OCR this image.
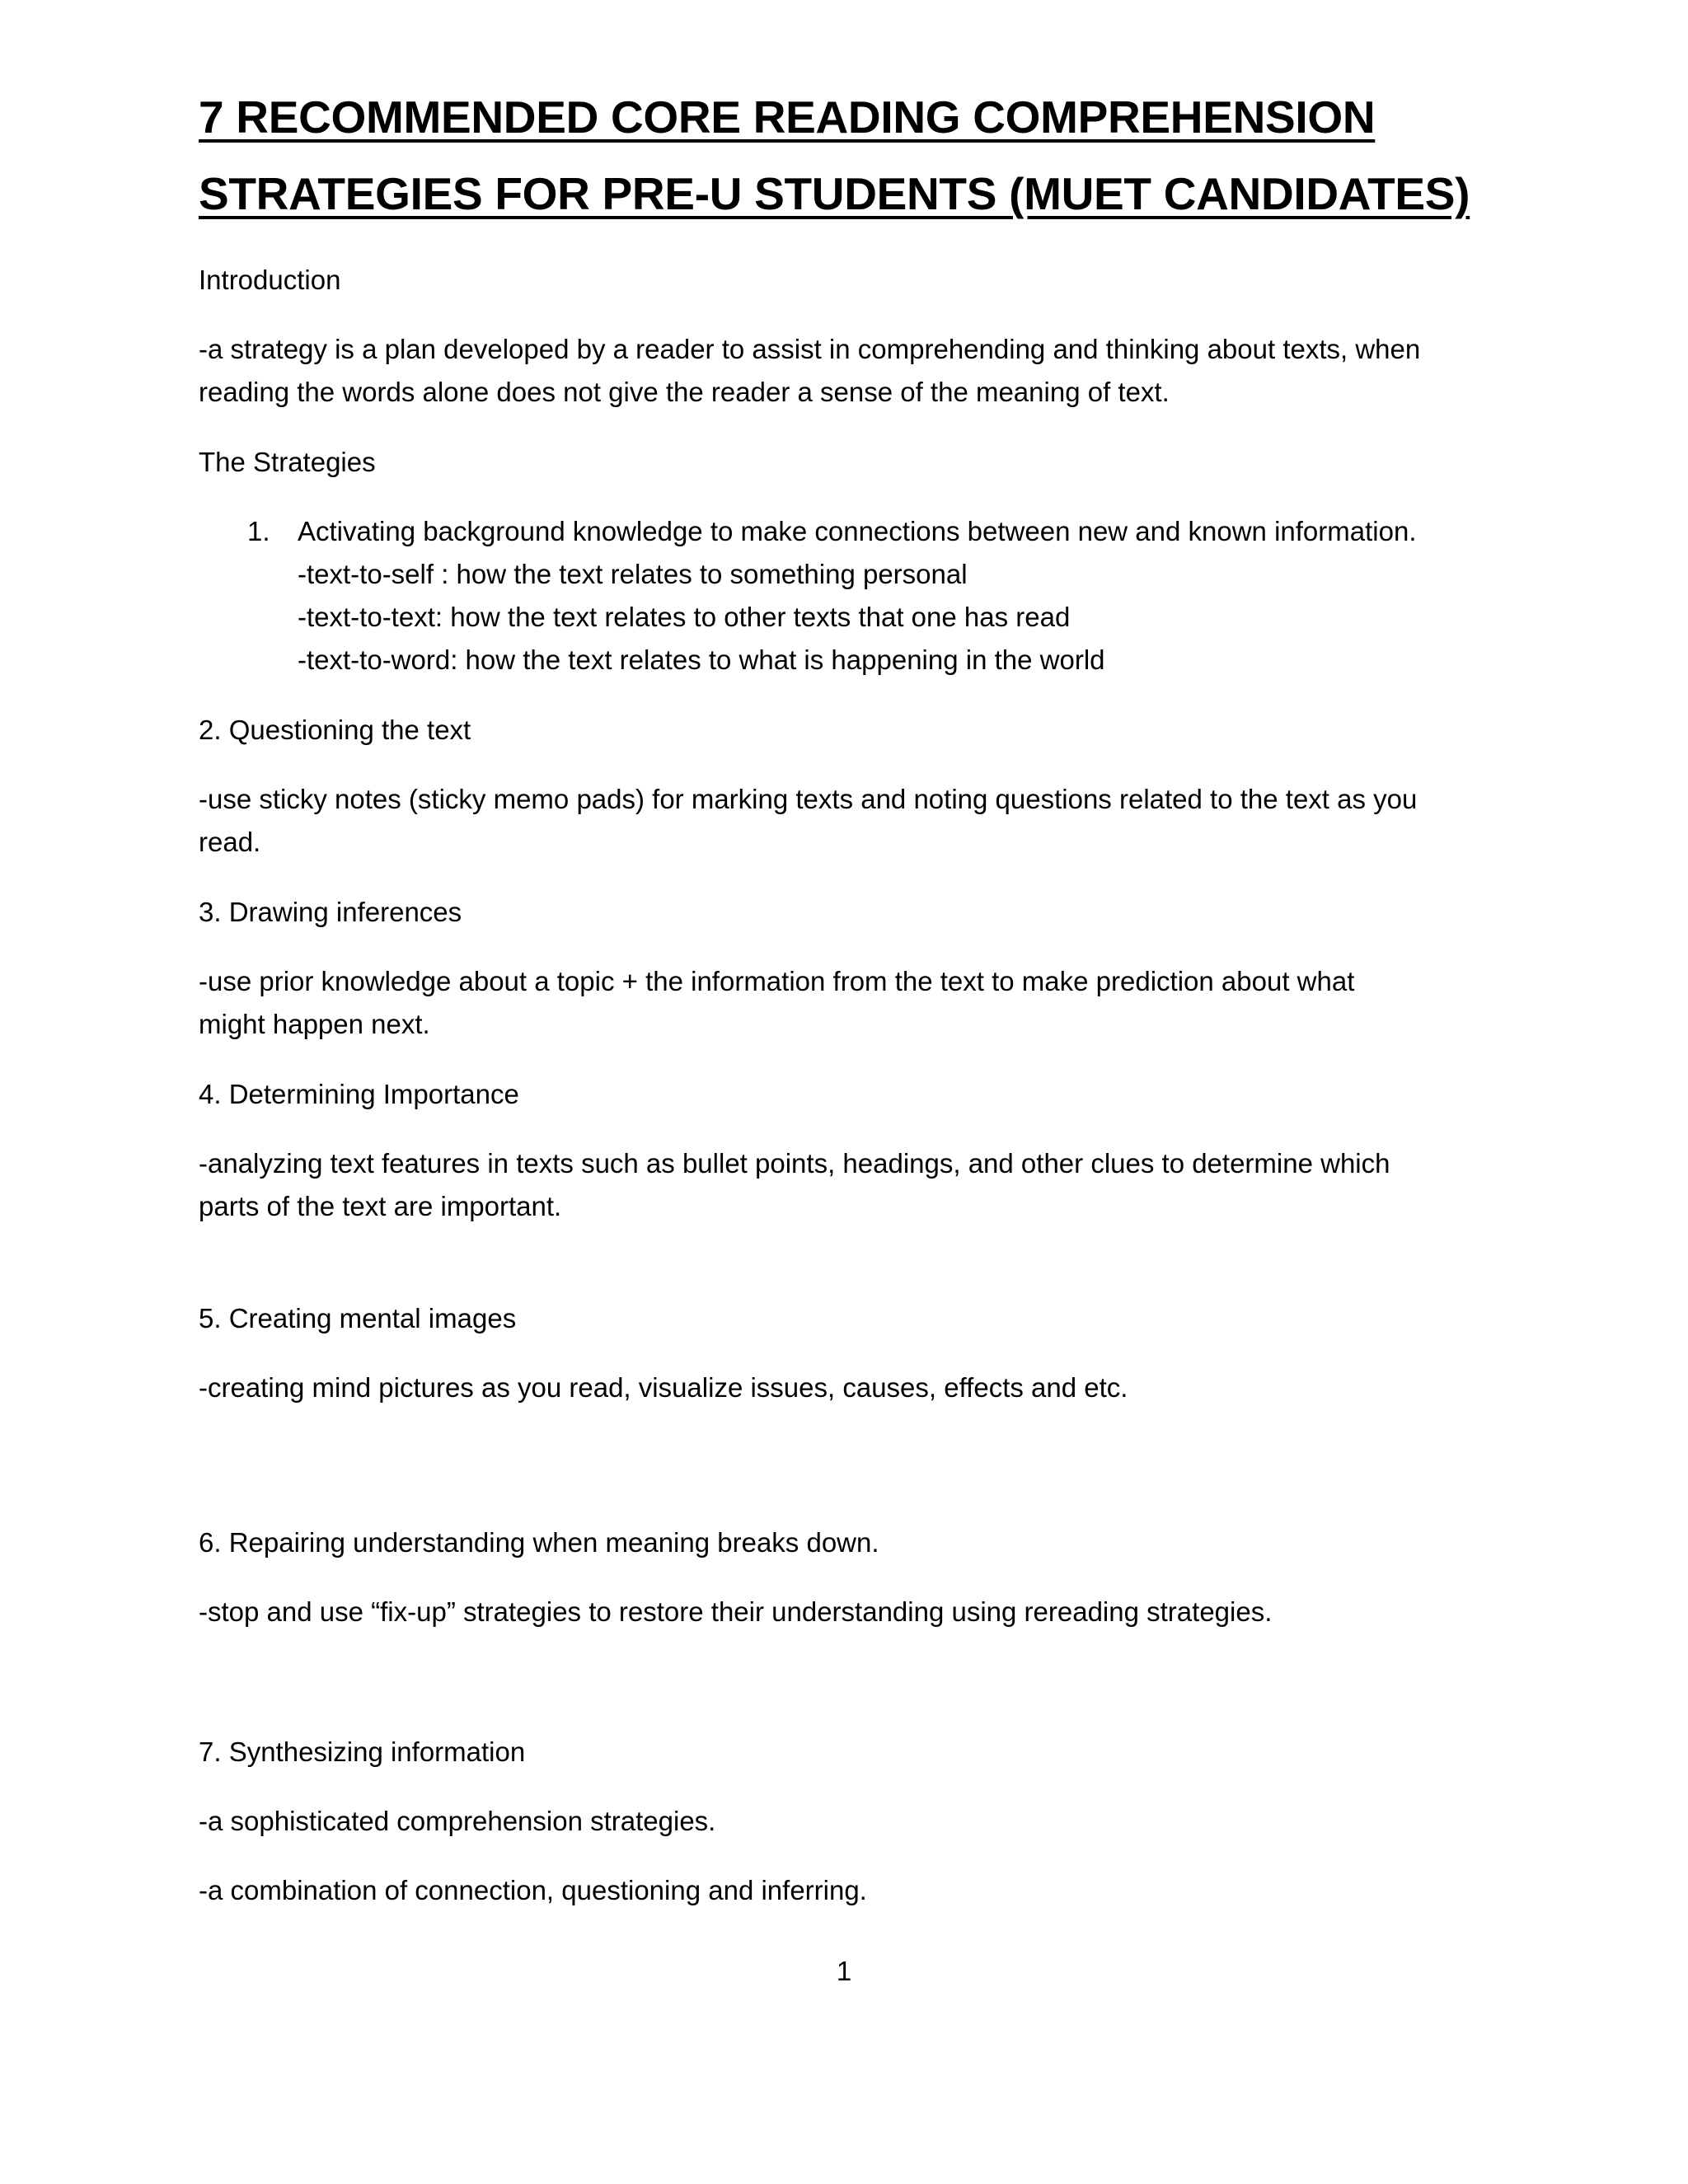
7 RECOMMENDED CORE READING COMPREHENSION
STRATEGIES FOR PRE-U STUDENTS (MUET CANDIDATES)

Introduction

-a strategy is a plan developed by a reader to assist in comprehending and thinking about texts, when

reading the words alone does not give the reader a sense of the meaning of text.

The Strategies

1. Activating background knowledge to make connections between new and known information.

-text-to-self : how the text relates to something personal

-text-to-text: how the text relates to other texts that one has read

-text-to-word: how the text relates to what is happening in the world

2. Questioning the text

-use sticky notes (sticky memo pads) for marking texts and noting questions related to the text as you

read.

3. Drawing inferences

-use prior knowledge about a topic + the information from the text to make prediction about what

might happen next.

4. Determining Importance

-analyzing text features in texts such as bullet points, headings, and other clues to determine which

parts of the text are important.

5. Creating mental images

-creating mind pictures as you read, visualize issues, causes, effects and etc.

6. Repairing understanding when meaning breaks down.

-stop and use “fix-up” strategies to restore their understanding using rereading strategies.

7. Synthesizing information

-a sophisticated comprehension strategies.

-a combination of connection, questioning and inferring.

1
